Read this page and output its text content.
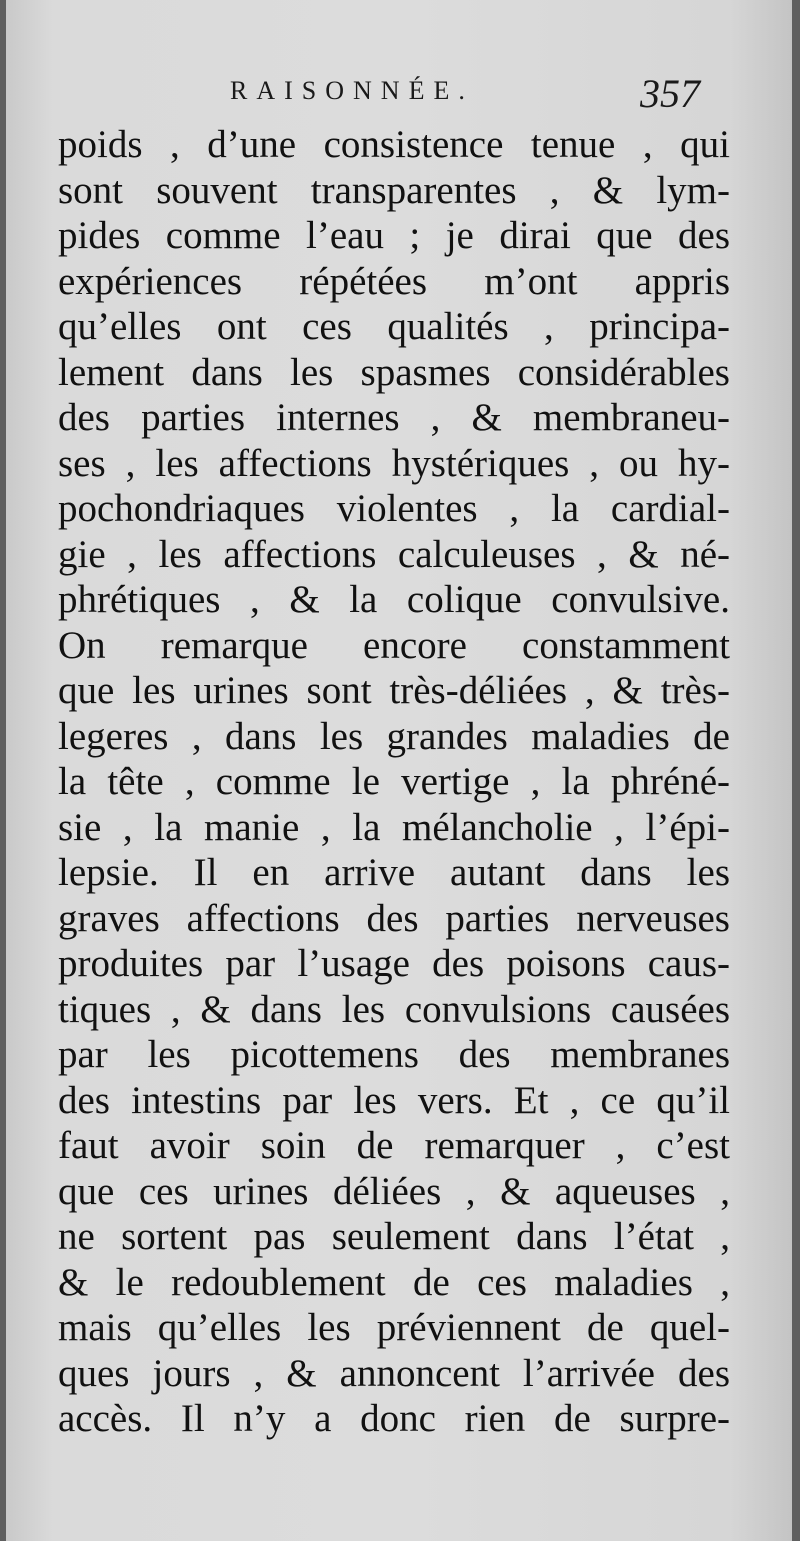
RAISONNÉE.	357
poids , d’une consistence tenue , qui
sont souvent transparentes , & lym-
pides comme l’eau ; je dirai que des
expériences répétées m’ont appris
qu’elles ont ces qualités , principa-
lement dans les spasmes considérables
des parties internes , & membraneu-
ses , les affections hystériques , ou hy-
pochondriaques violentes , la cardial-
gie , les affections calculeuses , & né-
phrétiques , & la colique convulsive.
On remarque encore constamment
que les urines sont très-déliées , & très-
legeres , dans les grandes maladies de
la tête , comme le vertige , la phréné-
sie , la manie , la mélancholie , l’épi-
lepsie. Il en arrive autant dans les
graves affections des parties nerveuses
produites par l’usage des poisons caus-
tiques , & dans les convulsions causées
par les picottemens des membranes
des intestins par les vers. Et , ce qu’il
faut avoir soin de remarquer , c’est
que ces urines déliées , & aqueuses ,
ne sortent pas seulement dans l’état ,
& le redoublement de ces maladies ,
mais qu’elles les préviennent de quel-
ques jours , & annoncent l’arrivée des
accès. Il n’y a donc rien de surpre-
